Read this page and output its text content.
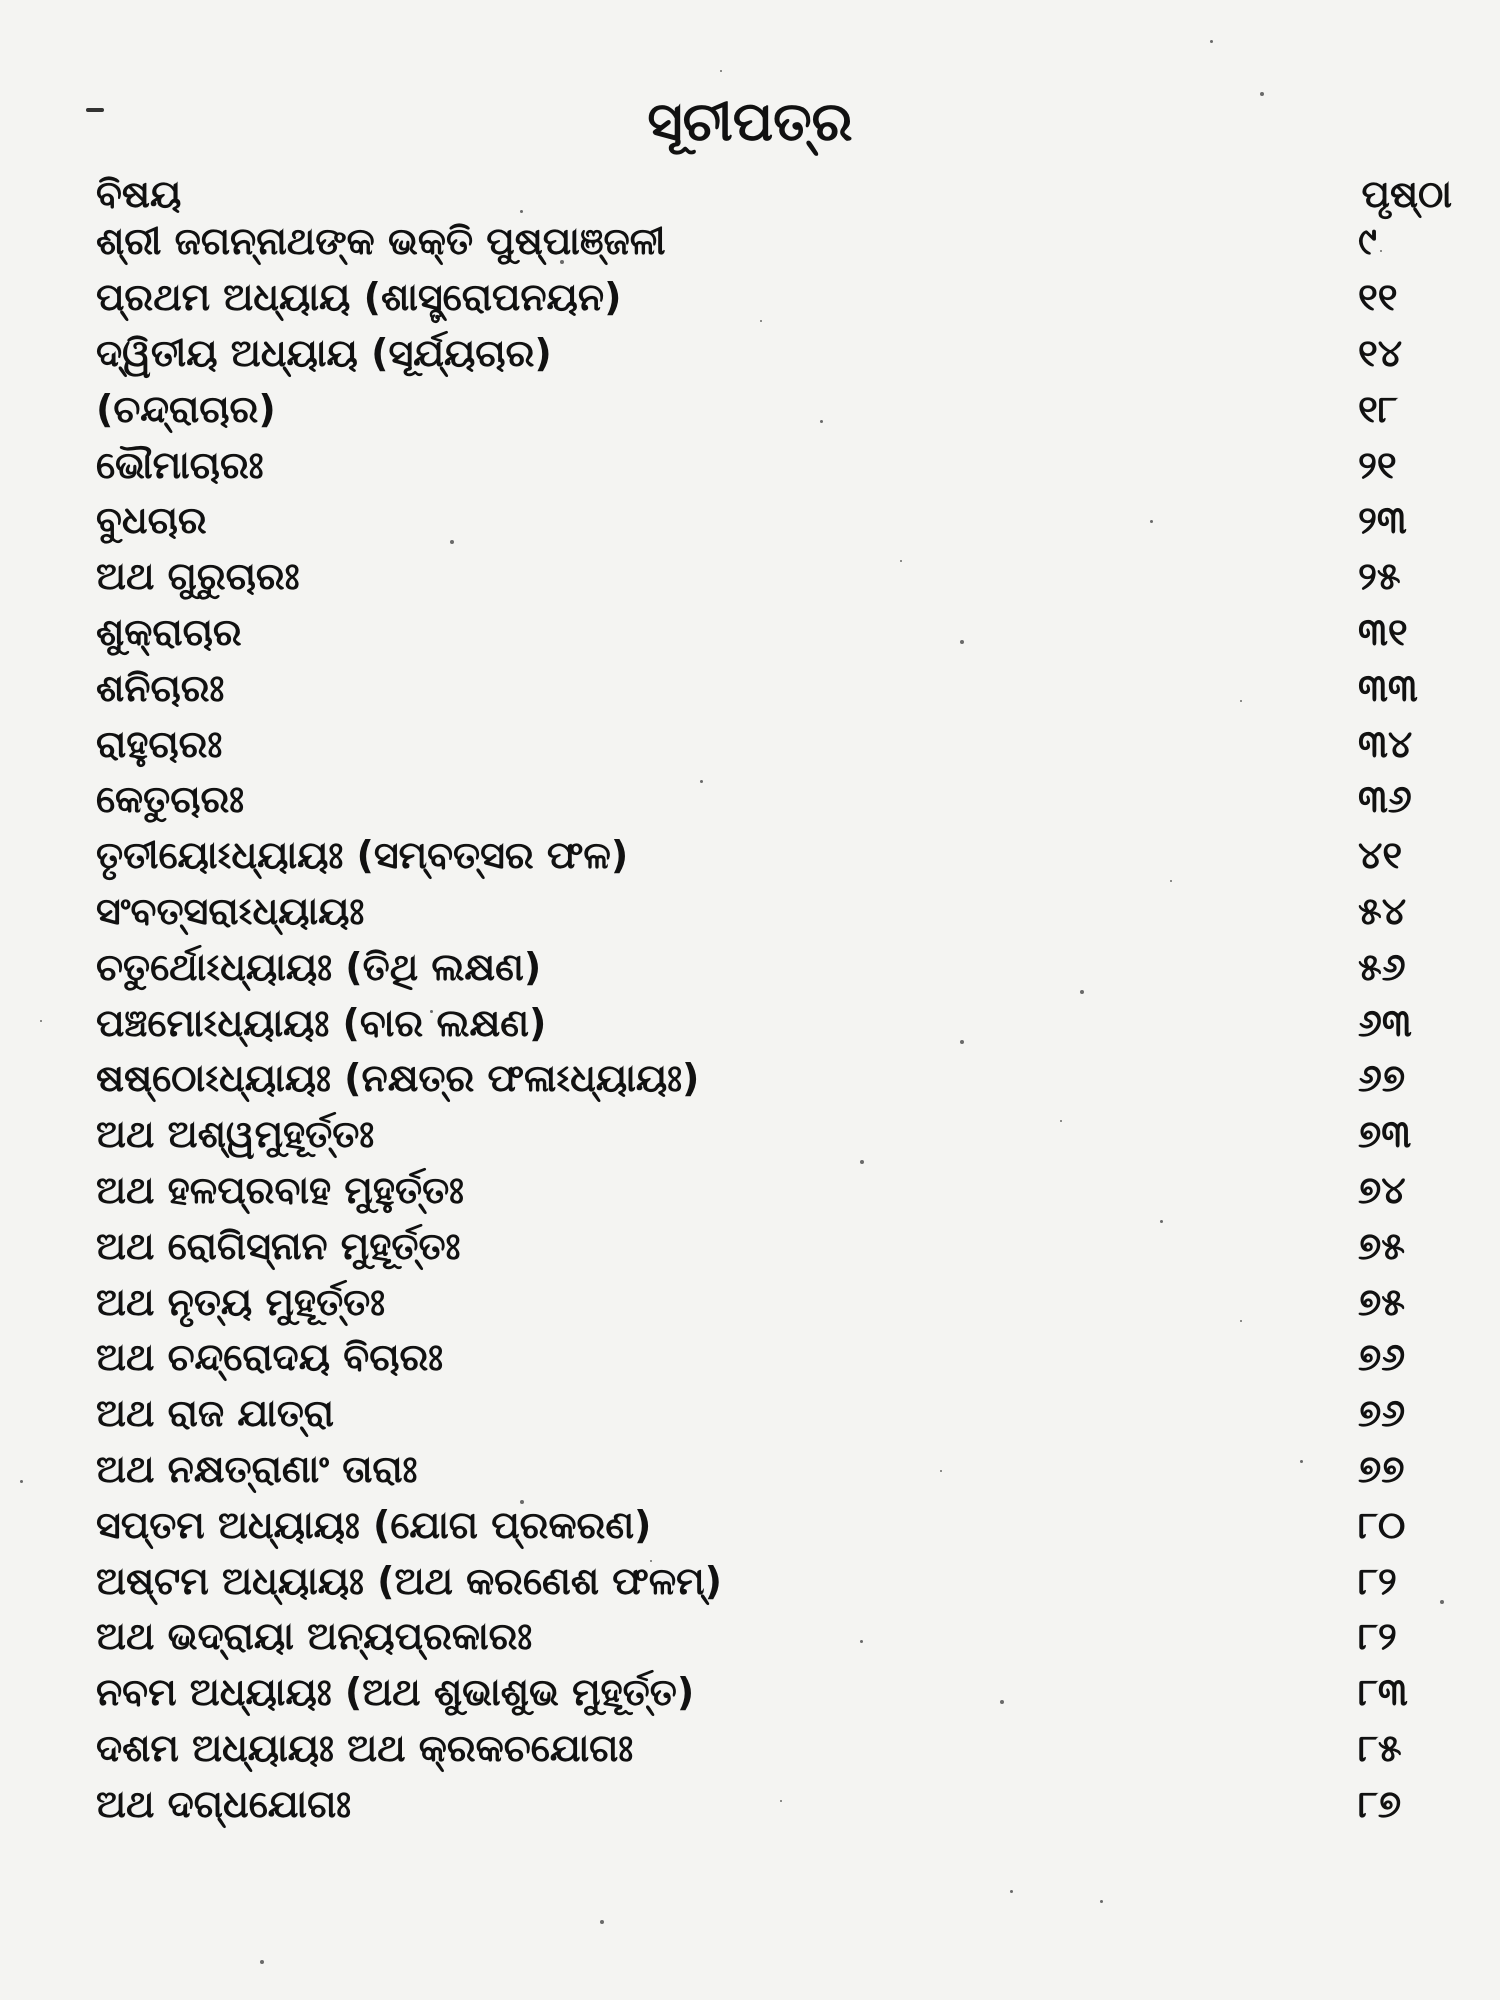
ସୂଚୀପତ୍ର
ବିଷୟ	ପୃଷ୍ଠା
ଶ୍ରୀ ଜଗନ୍ନାଥଙ୍କ ଭକ୍ତି ପୁଷ୍ପାଞ୍ଜଳୀ	୯
ପ୍ରଥମ ଅଧ୍ୟାୟ (ଶାସ୍ତ୍ରୋପନୟନ)	୧୧
ଦ୍ୱିତୀୟ ଅଧ୍ୟାୟ (ସୂର୍ଯ୍ୟଚାର)	୧୪
(ଚନ୍ଦ୍ରାଚାର)	୧୮
ଭୌମାଚାରଃ	୨୧
ବୁଧଚାର	୨୩
ଅଥ ଗୁରୁଚାରଃ	୨୫
ଶୁକ୍ରାଚାର	୩୧
ଶନିଚାରଃ	୩୩
ରାହୁଚାରଃ	୩୪
କେତୁଚାରଃ	୩୬
ତୃତୀୟୋଽଧ୍ୟାୟଃ (ସମ୍ବତ୍ସର ଫଳ)	୪୧
ସଂବତ୍ସରାଽଧ୍ୟାୟଃ	୫୪
ଚତୁର୍ଥୋଽଧ୍ୟାୟଃ (ତିଥି ଲକ୍ଷଣ)	୫୬
ପଞ୍ଚମୋଽଧ୍ୟାୟଃ (ବାର ଲକ୍ଷଣ)	୬୩
ଷଷ୍ଠୋଽଧ୍ୟାୟଃ (ନକ୍ଷତ୍ର ଫଳାଽଧ୍ୟାୟଃ)	୬୭
ଅଥ ଅଶ୍ୱମୁହୂର୍ତ୍ତଃ	୭୩
ଅଥ ହଳପ୍ରବାହ ମୁହୁର୍ତ୍ତଃ	୭୪
ଅଥ ରୋଗିସ୍ନାନ ମୁହୂର୍ତ୍ତଃ	୭୫
ଅଥ ନୃତ୍ୟ ମୁହୂର୍ତ୍ତଃ	୭୫
ଅଥ ଚନ୍ଦ୍ରୋଦୟ ବିଚାରଃ	୭୬
ଅଥ ରାଜ ଯାତ୍ରା	୭୬
ଅଥ ନକ୍ଷତ୍ରାଣାଂ ତାରାଃ	୭୭
ସପ୍ତମ ଅଧ୍ୟାୟଃ (ଯୋଗ ପ୍ରକରଣ)	୮୦
ଅଷ୍ଟମ ଅଧ୍ୟାୟଃ (ଅଥ କରଣେଶ ଫଳମ୍)	୮୨
ଅଥ ଭଦ୍ରାୟା ଅନ୍ୟପ୍ରକାରଃ	୮୨
ନବମ ଅଧ୍ୟାୟଃ (ଅଥ ଶୁଭାଶୁଭ ମୁହୂର୍ତ୍ତ)	୮୩
ଦଶମ ଅଧ୍ୟାୟଃ ଅଥ କ୍ରକଚଯୋଗଃ	୮୫
ଅଥ ଦଗ୍ଧଯୋଗଃ	୮୭
